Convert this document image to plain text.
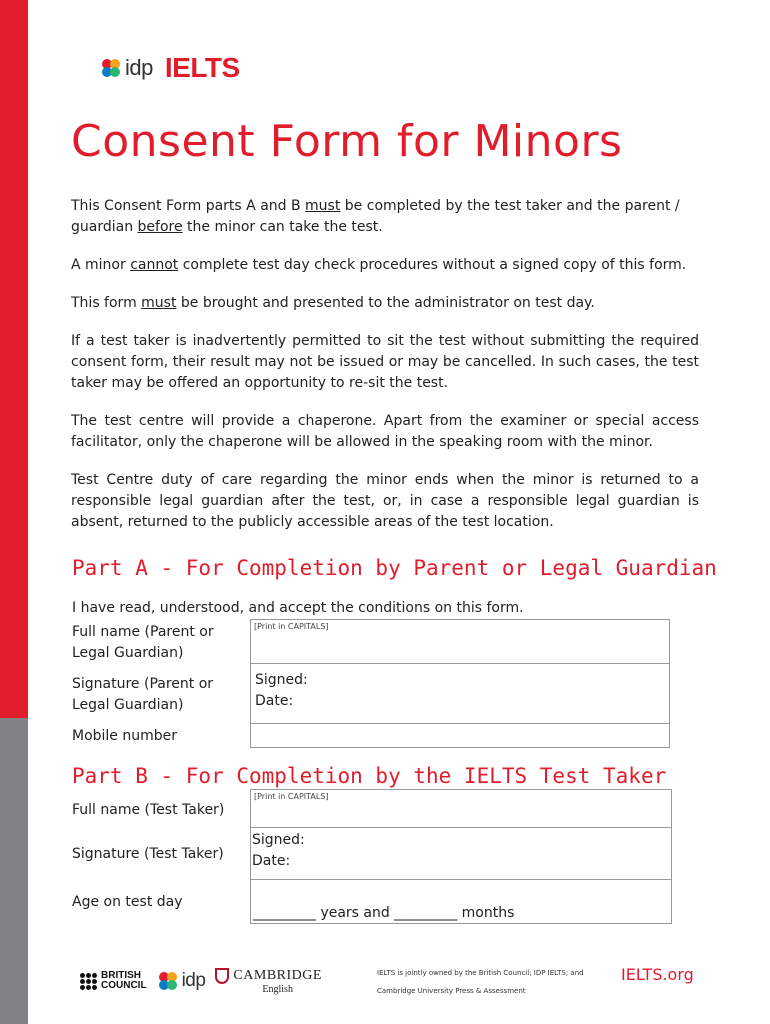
idp IELTS
Consent Form for Minors

This Consent Form parts A and B must be completed by the test taker and the parent / guardian before the minor can take the test.

A minor cannot complete test day check procedures without a signed copy of this form.

This form must be brought and presented to the administrator on test day.

If a test taker is inadvertently permitted to sit the test without submitting the required consent form, their result may not be issued or may be cancelled. In such cases, the test taker may be offered an opportunity to re-sit the test.

The test centre will provide a chaperone. Apart from the examiner or special access facilitator, only the chaperone will be allowed in the speaking room with the minor.

Test Centre duty of care regarding the minor ends when the minor is returned to a responsible legal guardian after the test, or, in case a responsible legal guardian is absent, returned to the publicly accessible areas of the test location.

Part A - For Completion by Parent or Legal Guardian
I have read, understood, and accept the conditions on this form.
Full name (Parent or Legal Guardian)	[Print in CAPITALS]

Signature (Parent or Legal Guardian)	Signed:
Date:

Mobile number	
Part B - For Completion by the IELTS Test Taker
Full name (Test Taker)	[Print in CAPITALS]

Signature (Test Taker)	Signed:
Date:

Age on test day	_________ years and _________ months
BRITISH
COUNCIL idp CAMBRIDGE
English
IELTS is jointly owned by the British Council; IDP IELTS; and
Cambridge University Press & Assessment
IELTS.org
